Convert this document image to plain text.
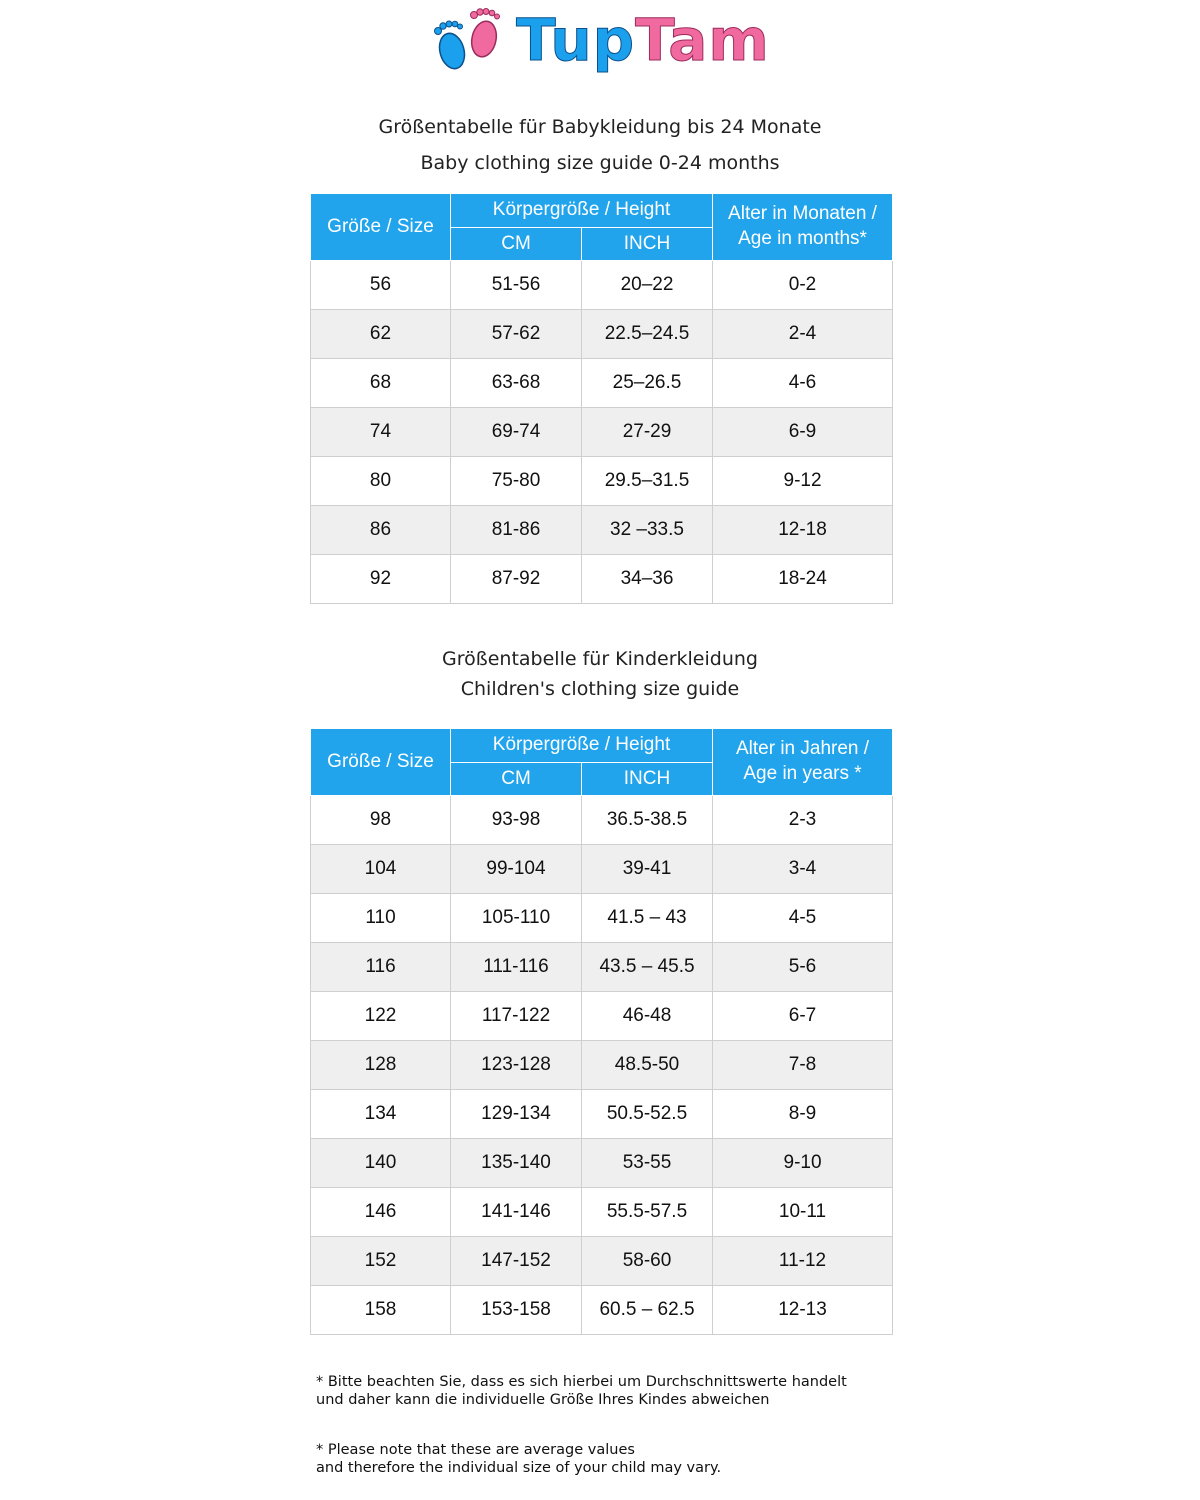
TupTam
Größentabelle für Babykleidung bis 24 Monate
Baby clothing size guide 0-24 months
Größe / Size	Körpergröße / Height		Alter in Monaten /
Age in months*

	CM	INCH	
56	51-56	20–22	0-2
62	57-62	22.5–24.5	2-4
68	63-68	25–26.5	4-6
74	69-74	27-29	6-9
80	75-80	29.5–31.5	9-12
86	81-86	32 –33.5	12-18
92	87-92	34–36	18-24
Größentabelle für Kinderkleidung
Children's clothing size guide
Größe / Size	Körpergröße / Height		Alter in Jahren /
Age in years *

	CM	INCH	
98	93-98	36.5-38.5	2-3
104	99-104	39-41	3-4
110	105-110	41.5 – 43	4-5
116	111-116	43.5 – 45.5	5-6
122	117-122	46-48	6-7
128	123-128	48.5-50	7-8
134	129-134	50.5-52.5	8-9
140	135-140	53-55	9-10
146	141-146	55.5-57.5	10-11
152	147-152	58-60	11-12
158	153-158	60.5 – 62.5	12-13
* Bitte beachten Sie, dass es sich hierbei um Durchschnittswerte handelt
und daher kann die individuelle Größe Ihres Kindes abweichen
* Please note that these are average values
and therefore the individual size of your child may vary.
